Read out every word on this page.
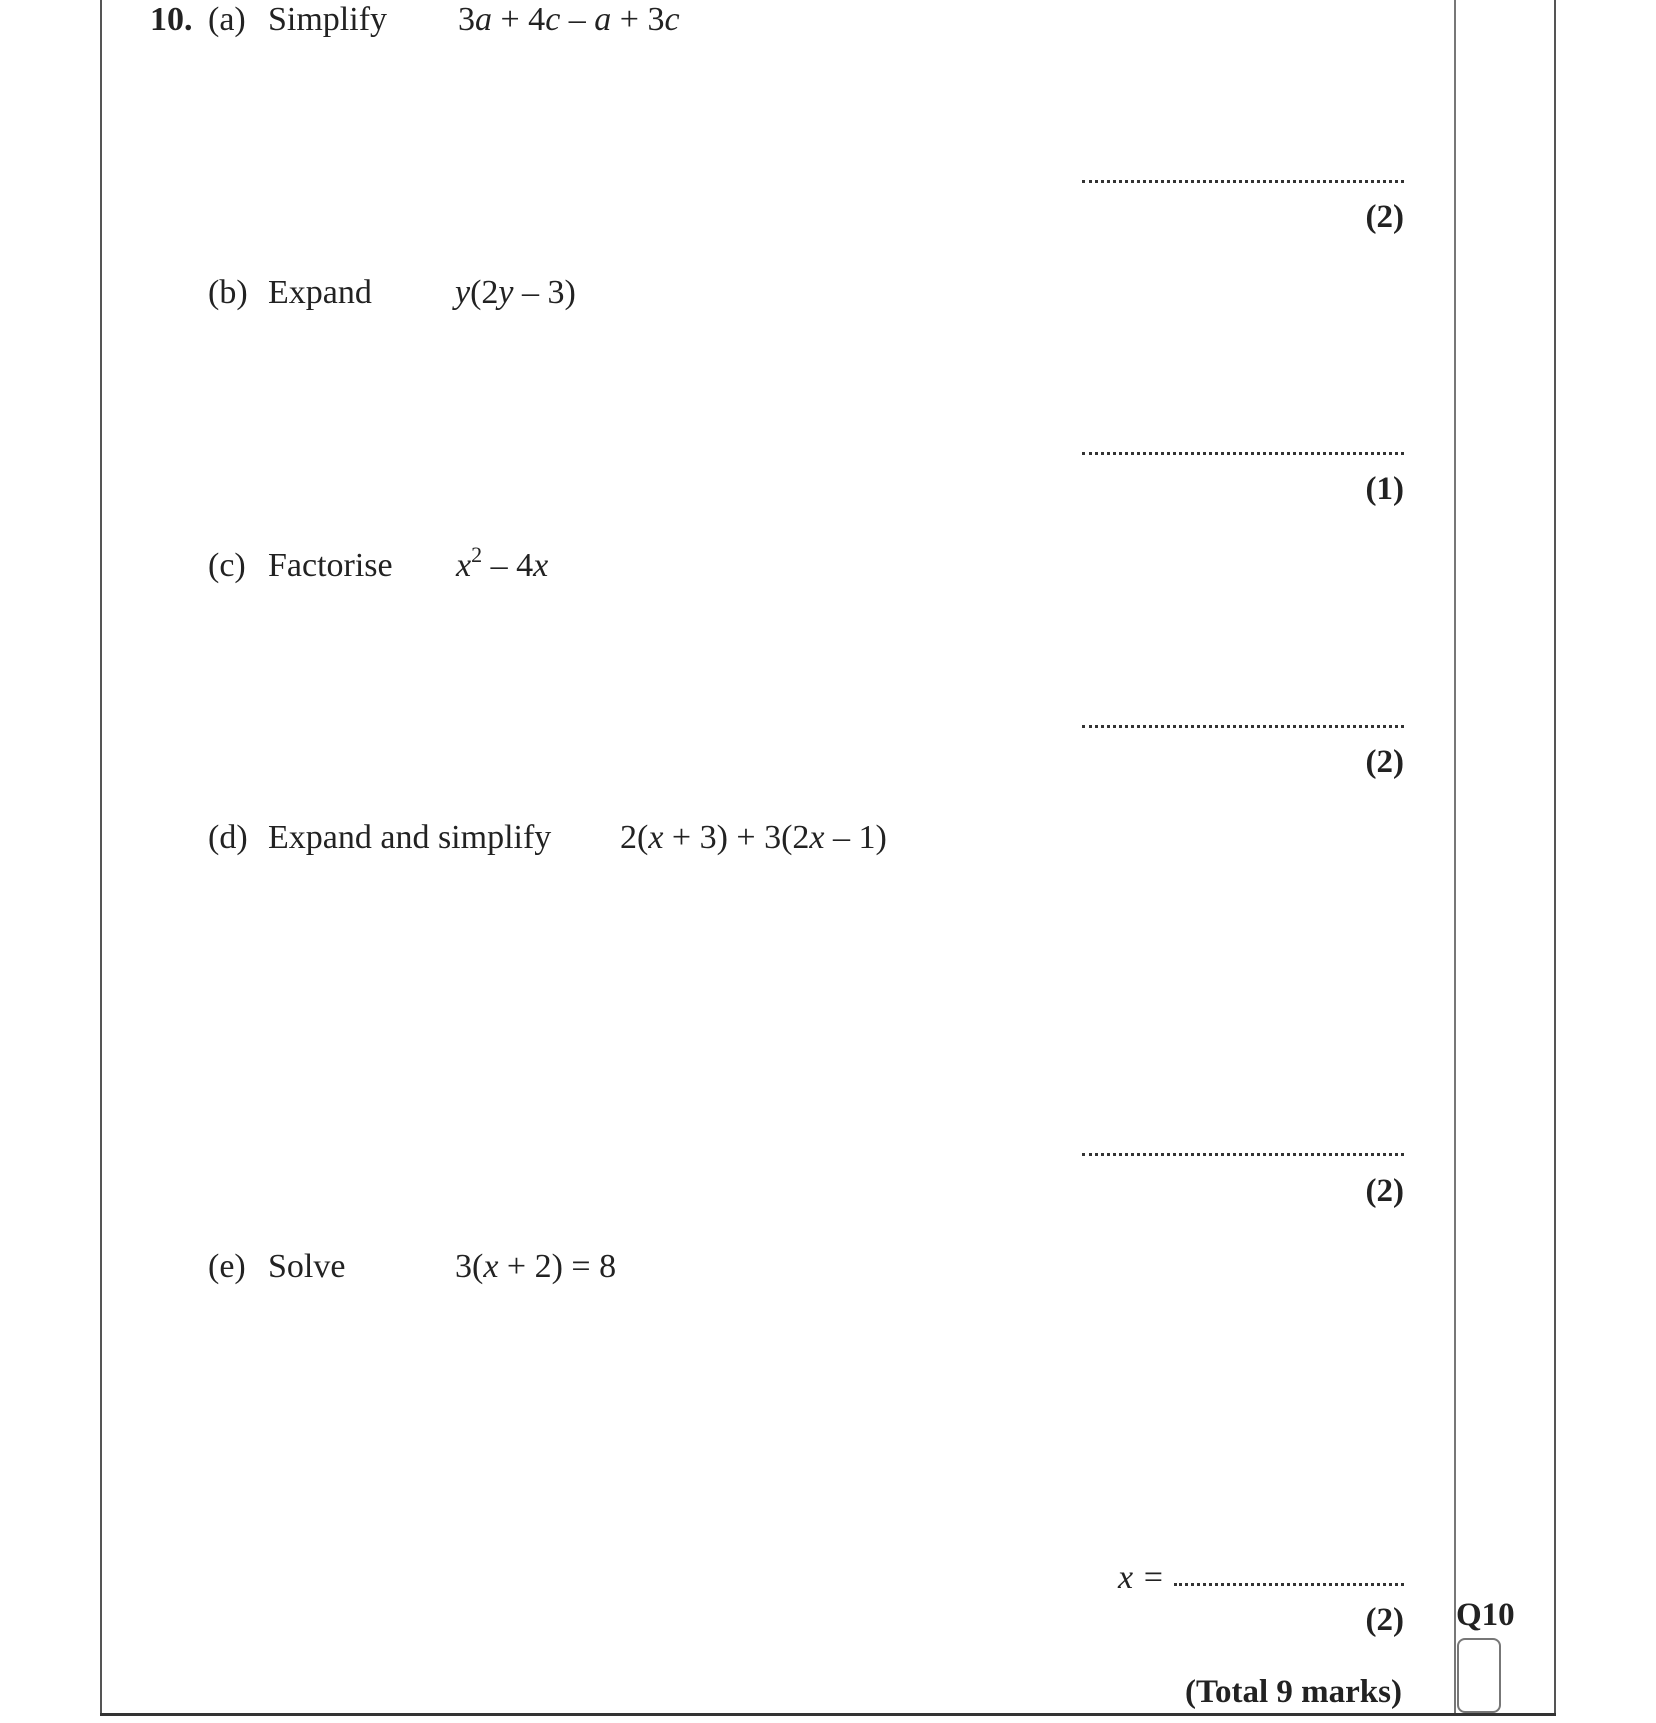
10. (a) Simplify 3a + 4c – a + 3c
(2)
(b) Expand y(2y – 3)
(1)
(c) Factorise $x^2 - 4x$
(2)
(d) Expand and simplify 2(x + 3) + 3(2x – 1)
(2)
(e) Solve	3(x + 2) = 8
x =
(2) Q10
(Total 9 marks)
